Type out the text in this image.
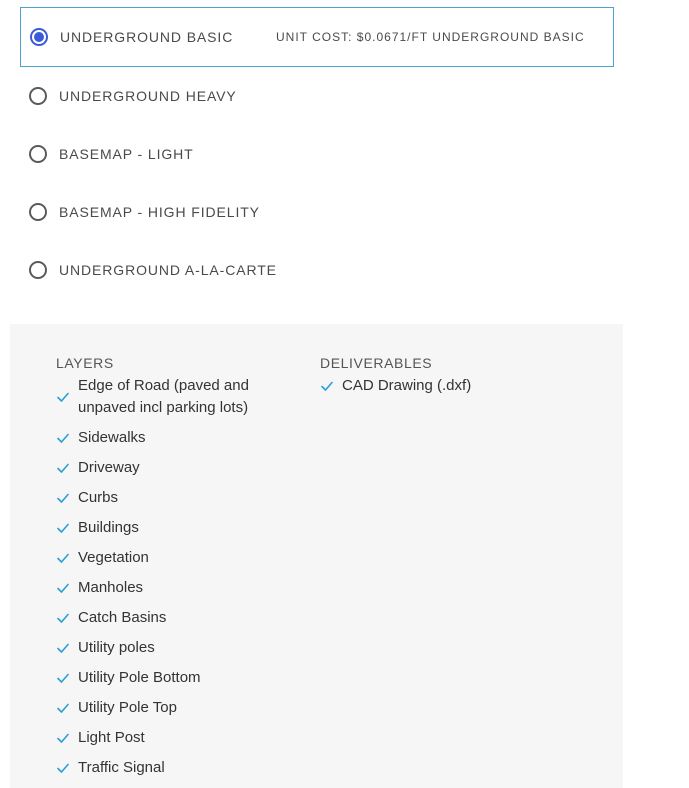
UNDERGROUND BASIC	UNIT COST: $0.0671/FT UNDERGROUND BASIC
UNDERGROUND HEAVY
BASEMAP - LIGHT
BASEMAP - HIGH FIDELITY
UNDERGROUND A-LA-CARTE
LAYERS
Edge of Road (paved and unpaved incl parking lots)
Sidewalks
Driveway
Curbs
Buildings
Vegetation
Manholes
Catch Basins
Utility poles
Utility Pole Bottom
Utility Pole Top
Light Post
Traffic Signal
DELIVERABLES
CAD Drawing (.dxf)
